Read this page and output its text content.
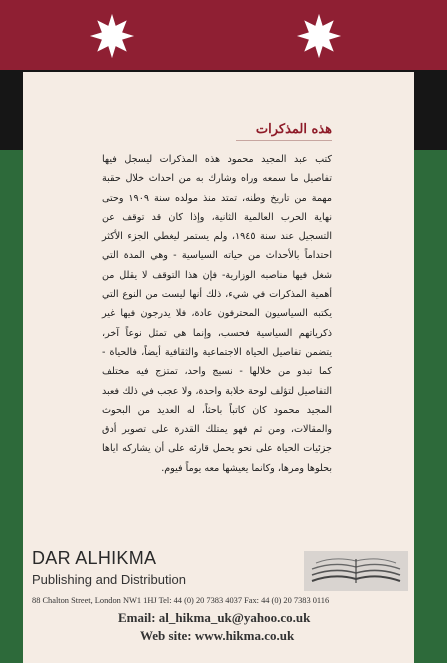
هذه المذكرات
كتب عبد المجيد محمود هذه المذكرات ليسجل فيها تفاصيل ما سمعه وراه وشارك به من احداث خلال حقبة مهمة من تاريخ وطنه، تمتد منذ مولده سنة ١٩٠٩ وحتى نهاية الحرب العالمية الثانية، وإذا كان قد توقف عن التسجيل عند سنة ١٩٤٥، ولم يستمر ليغطي الجزء الأكثر احتداماً بالأحداث من حياته السياسية - وهي المدة التي شغل فيها مناصبه الوزارية- فإن هذا التوقف لا يقلل من أهمية المذكرات في شيء، ذلك أنها ليست من النوع التي يكتبه السياسيون المحترفون عادة، فلا يدرجون فيها غير ذكرياتهم السياسية فحسب، وإنما هي تمثل نوعاً آخر، يتضمن تفاصيل الحياة الاجتماعية والثقافية أيضاً، فالحياة - كما تبدو من خلالها - نسيج واحد، تمتزج فيه مختلف التفاصيل لتؤلف لوحة خلابة واحدة، ولا عجب في ذلك فعبد المجيد محمود كان كاتباً باحثاً، له العديد من البحوث والمقالات، ومن ثم فهو يمتلك القدرة على تصوير أدق جزئيات الحياة على نحو يحمل قارئه على أن يشاركه اياها بحلوها ومرها، وكانما يعيشها معه يوماً فيوم.
DAR ALHIKMA
Publishing and Distribution
88 Chalton Street, London NW1 1HJ Tel: 44 (0) 20 7383 4037 Fax: 44 (0) 20 7383 0116
Email: al_hikma_uk@yahoo.co.uk
Web site: www.hikma.co.uk
